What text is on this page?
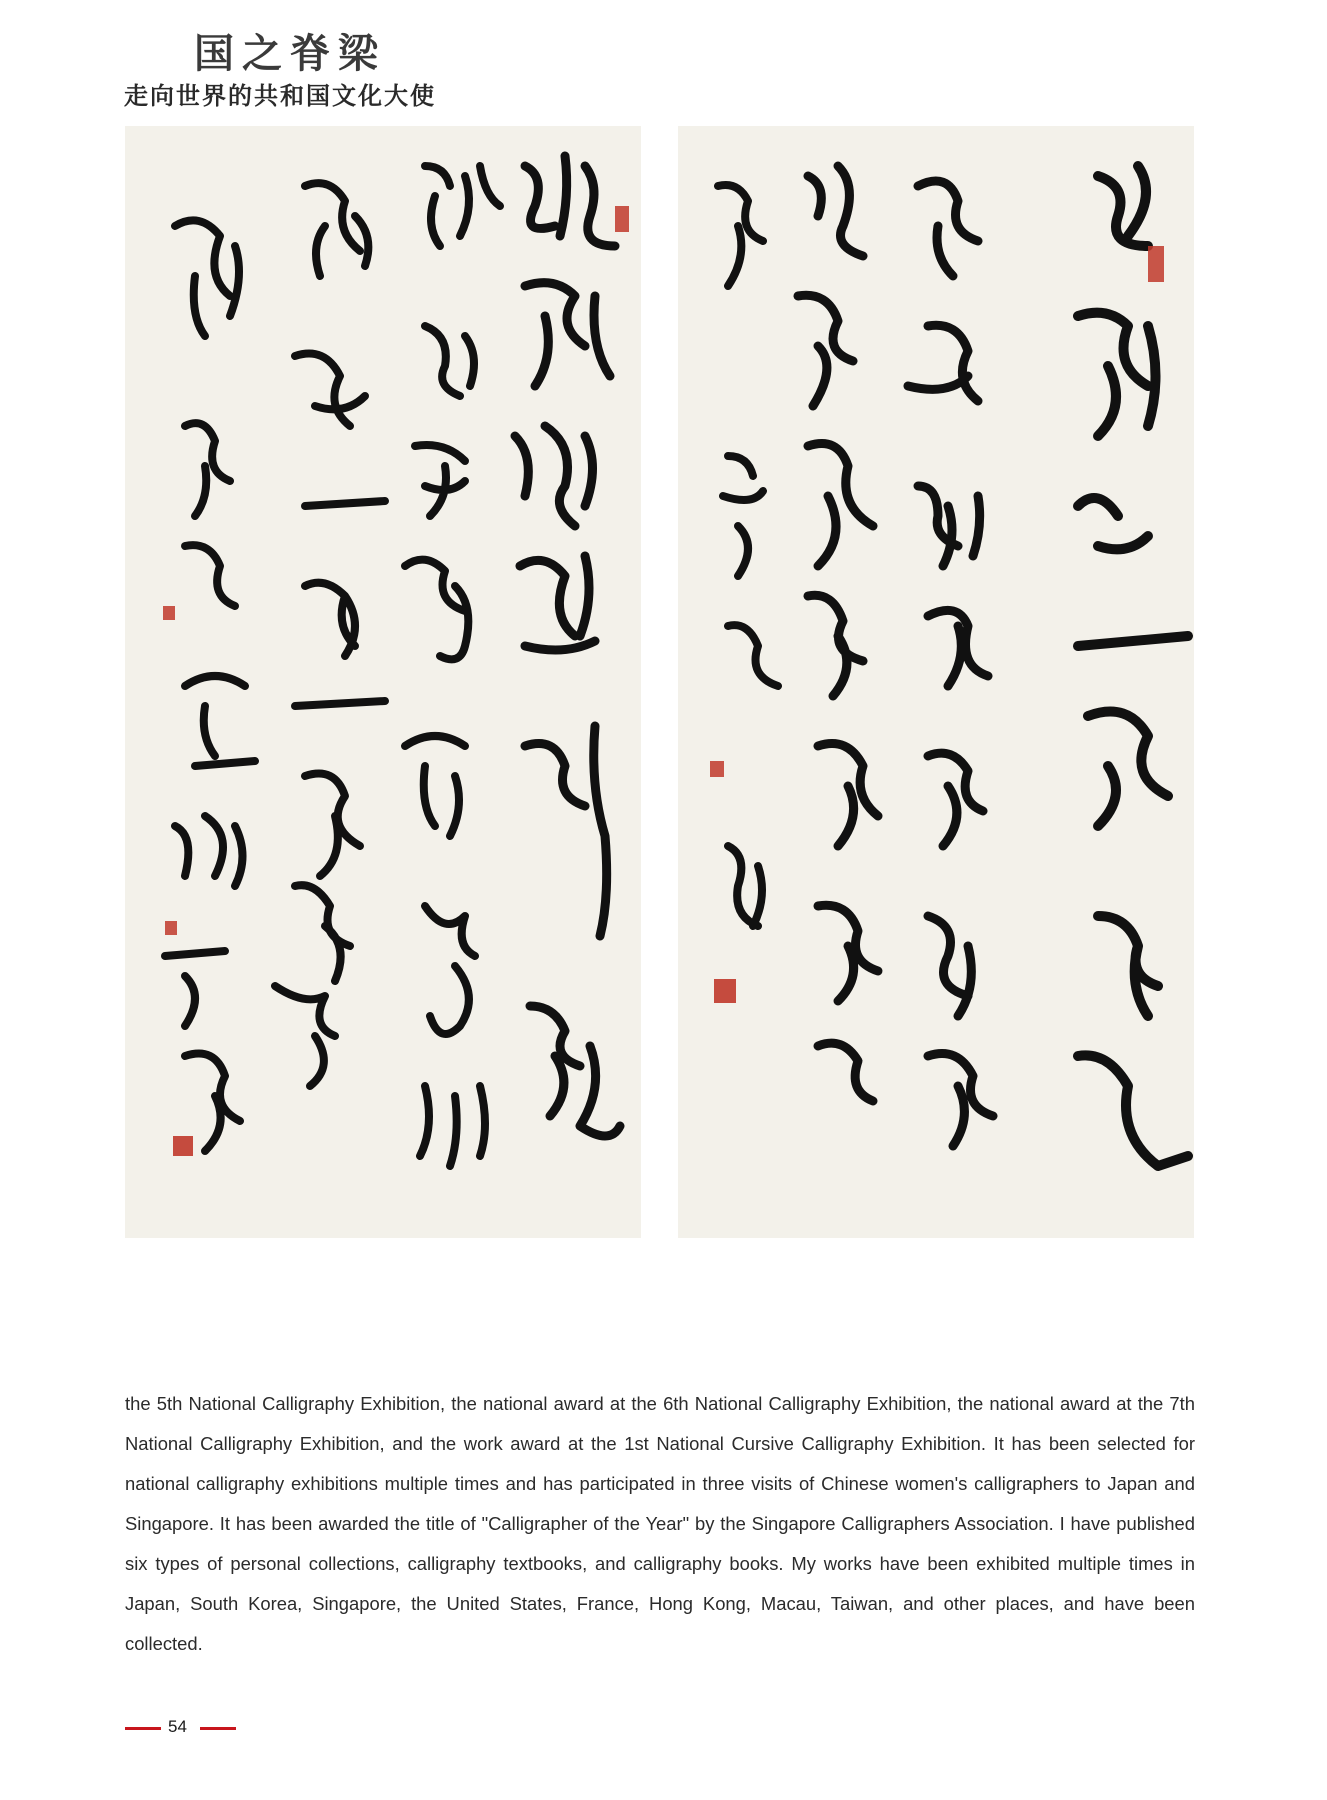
国之脊梁
走向世界的共和国文化大使

the 5th National Calligraphy Exhibition, the national award at the 6th National Calligraphy Exhibition, the national award at the 7th National Calligraphy Exhibition, and the work award at the 1st National Cursive Calligraphy Exhibition. It has been selected for national calligraphy exhibitions multiple times and has participated in three visits of Chinese women's calligraphers to Japan and Singapore. It has been awarded the title of "Calligrapher of the Year" by the Singapore Calligraphers Association. I have published six types of personal collections, calligraphy textbooks, and calligraphy books. My works have been exhibited multiple times in Japan, South Korea, Singapore, the United States, France, Hong Kong, Macau, Taiwan, and other places, and have been collected.

54
